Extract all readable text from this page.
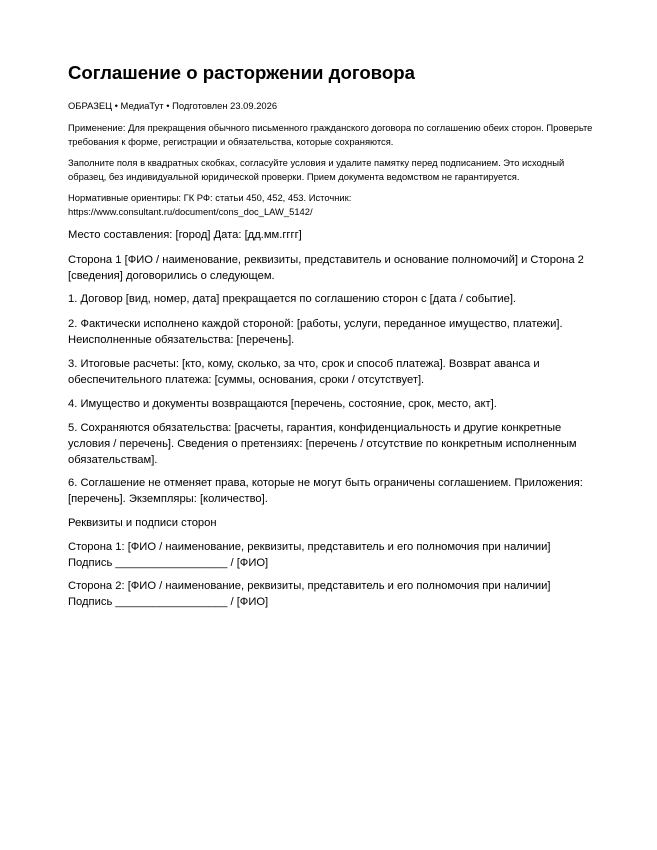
Соглашение о расторжении договора

ОБРАЗЕЦ • МедиаТут • Подготовлен 23.09.2026

Применение: Для прекращения обычного письменного гражданского договора по соглашению обеих сторон. Проверьте требования к форме, регистрации и обязательства, которые сохраняются.

Заполните поля в квадратных скобках, согласуйте условия и удалите памятку перед подписанием. Это исходный образец, без индивидуальной юридической проверки. Прием документа ведомством не гарантируется.

Нормативные ориентиры: ГК РФ: статьи 450, 452, 453. Источник:

https://www.consultant.ru/document/cons_doc_LAW_5142/

Место составления: [город] Дата: [дд.мм.гггг]

Сторона 1 [ФИО / наименование, реквизиты, представитель и основание полномочий] и Сторона 2 [сведения] договорились о следующем.

1. Договор [вид, номер, дата] прекращается по соглашению сторон с [дата / событие].

2. Фактически исполнено каждой стороной: [работы, услуги, переданное имущество, платежи]. Неисполненные обязательства: [перечень].

3. Итоговые расчеты: [кто, кому, сколько, за что, срок и способ платежа]. Возврат аванса и обеспечительного платежа: [суммы, основания, сроки / отсутствует].

4. Имущество и документы возвращаются [перечень, состояние, срок, место, акт].

5. Сохраняются обязательства: [расчеты, гарантия, конфиденциальность и другие конкретные условия / перечень]. Сведения о претензиях: [перечень / отсутствие по конкретным исполненным обязательствам].

6. Соглашение не отменяет права, которые не могут быть ограничены соглашением. Приложения: [перечень]. Экземпляры: [количество].

Реквизиты и подписи сторон

Сторона 1: [ФИО / наименование, реквизиты, представитель и его полномочия при наличии]

Подпись __________________ / [ФИО]

Сторона 2: [ФИО / наименование, реквизиты, представитель и его полномочия при наличии]

Подпись __________________ / [ФИО]
